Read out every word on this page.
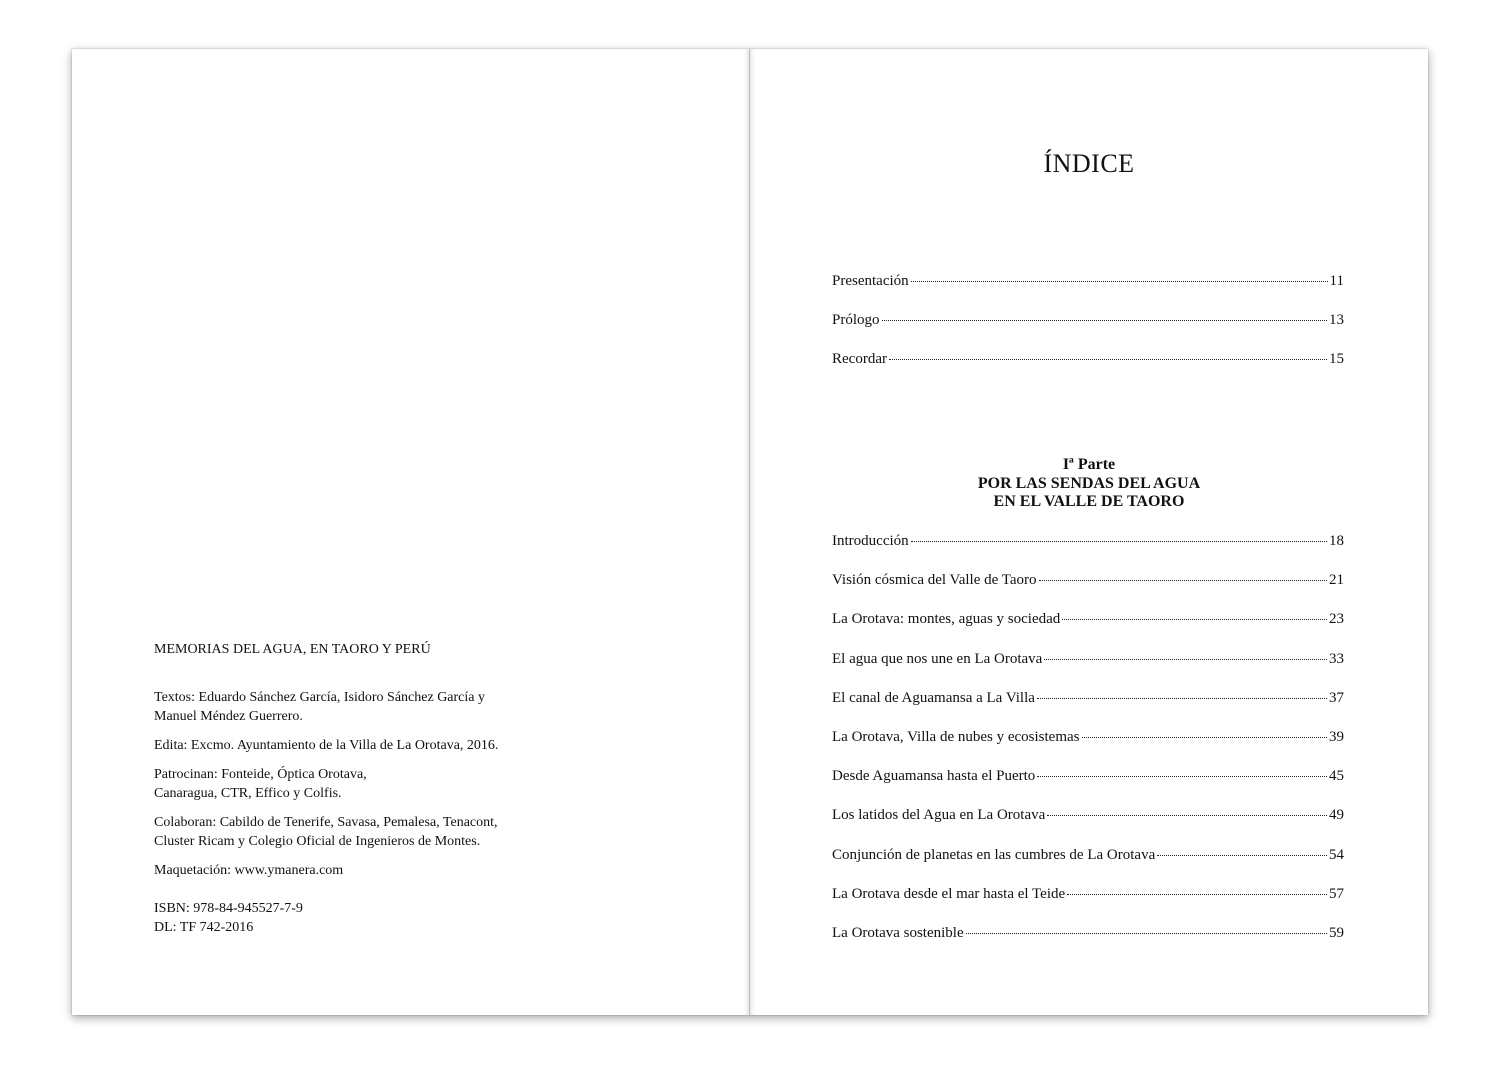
MEMORIAS DEL AGUA, EN TAORO Y PERÚ

Textos: Eduardo Sánchez García, Isidoro Sánchez García y

Manuel Méndez Guerrero.

Edita: Excmo. Ayuntamiento de la Villa de La Orotava, 2016.

Patrocinan: Fonteide, Óptica Orotava,

Canaragua, CTR, Effico y Colfis.

Colaboran: Cabildo de Tenerife, Savasa, Pemalesa, Tenacont,

Cluster Ricam y Colegio Oficial de Ingenieros de Montes.

Maquetación: www.ymanera.com

ISBN: 978-84-945527-7-9

DL: TF 742-2016

ÍNDICE
Presentación	11
Prólogo	13
Recordar	15
Iª Parte
POR LAS SENDAS DEL AGUA
EN EL VALLE DE TAORO
Introducción	18
Visión cósmica del Valle de Taoro	21
La Orotava: montes, aguas y sociedad	23
El agua que nos une en La Orotava	33
El canal de Aguamansa a La Villa	37
La Orotava, Villa de nubes y ecosistemas	39
Desde Aguamansa hasta el Puerto	45
Los latidos del Agua en La Orotava	49
Conjunción de planetas en las cumbres de La Orotava	54
La Orotava desde el mar hasta el Teide	57
La Orotava sostenible	59
